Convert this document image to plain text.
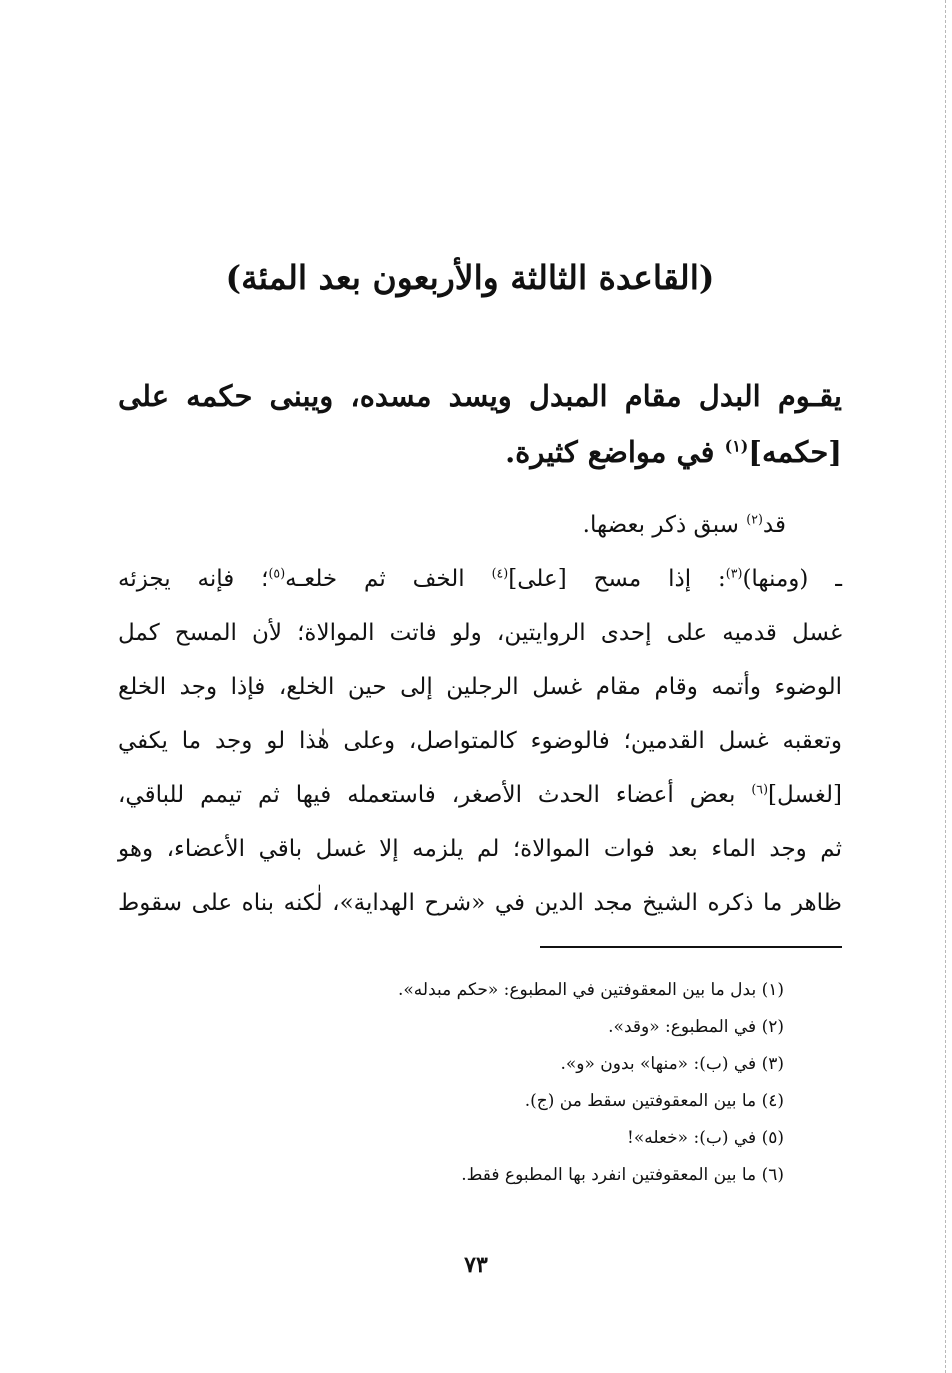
(القاعدة الثالثة والأربعون بعد المئة)
يقـوم البدل مقام المبدل ويسد مسده، ويبنى حكمه على
[حكمه]$^{(١)}$ في مواضع كثيرة.
قد$^{(٢)}$ سبق ذكر بعضها.
ـ (ومنها)$^{(٣)}$: إذا مسح [على]$^{(٤)}$ الخف ثم خلعـه$^{(٥)}$؛ فإنه يجزئه
غسل قدميه على إحدى الروايتين، ولو فاتت الموالاة؛ لأن المسح كمل
الوضوء وأتمه وقام مقام غسل الرجلين إلى حين الخلع، فإذا وجد الخلع
وتعقبه غسل القدمين؛ فالوضوء كالمتواصل، وعلى هٰذا لو وجد ما يكفي
[لغسل]$^{(٦)}$ بعض أعضاء الحدث الأصغر، فاستعمله فيها ثم تيمم للباقي،
ثم وجد الماء بعد فوات الموالاة؛ لم يلزمه إلا غسل باقي الأعضاء، وهو
ظاهر ما ذكره الشيخ مجد الدين في «شرح الهداية»، لٰكنه بناه على سقوط
(١) بدل ما بين المعقوفتين في المطبوع: «حكم مبدله».
(٢) في المطبوع: «وقد».
(٣) في (ب): «منها» بدون «و».
(٤) ما بين المعقوفتين سقط من (ج).
(٥) في (ب): «خعله»!
(٦) ما بين المعقوفتين انفرد بها المطبوع فقط.
٧٣
